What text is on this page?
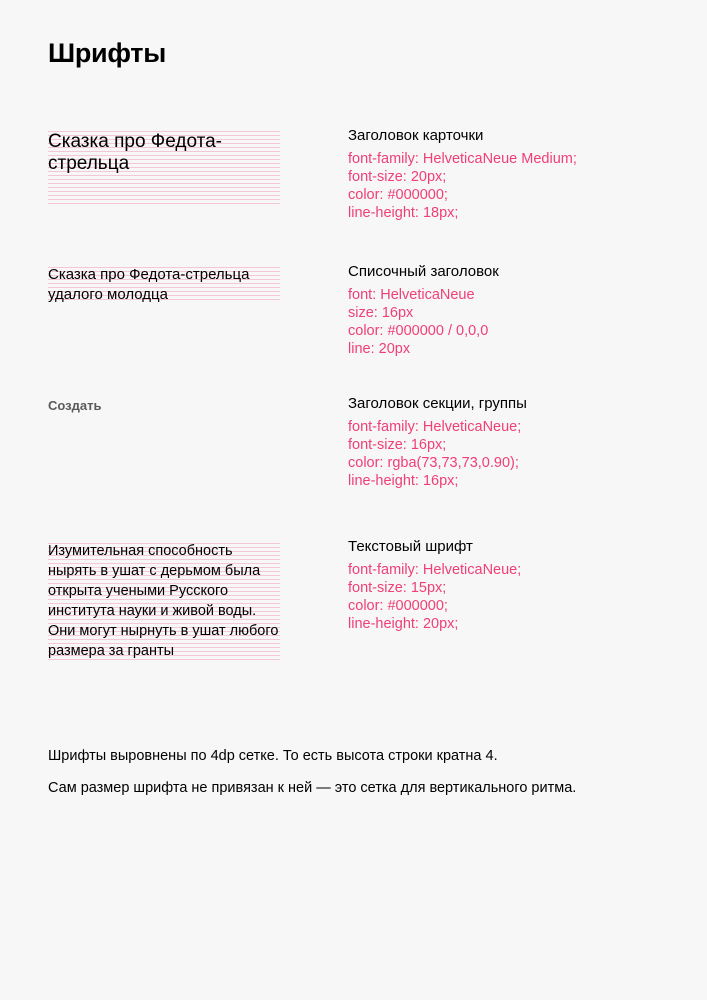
Шрифты
Сказка про Федота-стрельца
Сказка про Федота-стрельца удалого молодца
Создать
Изумительная способность нырять в ушат с дерьмом была открыта учеными Русского института науки и живой воды. Они могут нырнуть в ушат любого размера за гранты
Заголовок карточки
font-family: HelveticaNeue Medium;
font-size: 20px;
color: #000000;
line-height: 18px;
Списочный заголовок
font: HelveticaNeue
size: 16px
color: #000000 / 0,0,0
line: 20px
Заголовок секции, группы
font-family: HelveticaNeue;
font-size: 16px;
color: rgba(73,73,73,0.90);
line-height: 16px;
Текстовый шрифт
font-family: HelveticaNeue;
font-size: 15px;
color: #000000;
line-height: 20px;

Шрифты выровнены по 4dp сетке. То есть высота строки кратна 4.

Сам размер шрифта не привязан к ней — это сетка для вертикального ритма.
